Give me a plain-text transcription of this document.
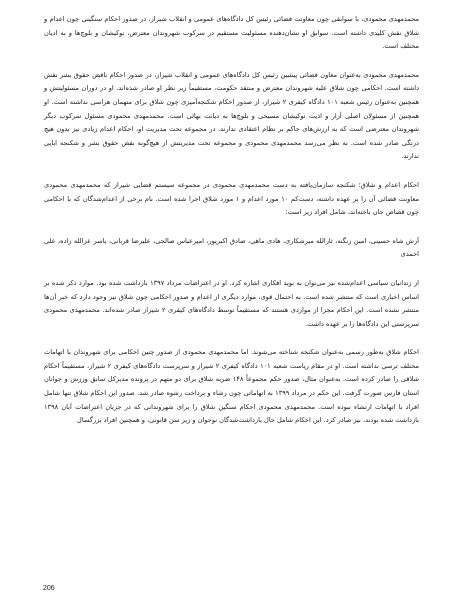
محمدمهدی محمودی، با سوابقی چون معاونت قضائی رئیس کل دادگاه‌های عمومی و انقلاب شیراز، در صدور احکام سنگینی چون اعدام و شلاق نقش کلیدی داشته است. سوابق او نشان‌دهنده مسئولیت مستقیم در سرکوب شهروندان معترض، نوکیشان و بلوچ‌ها و به ادیان مختلف است.

محمدمهدی محمودی به‌عنوان معاون قضائی پیشین رئیس کل دادگاه‌های عمومی و انقلاب شیراز، در صدور احکام ناقض حقوق بشر نقش داشته است. احکامی چون شلاق علیه شهروندان معترض و منتقد حکومت، مستقیماً زیر نظر او صادر شده‌اند. او در دوران مسئولیتش و همچنین به‌عنوان رئیس شعبه ۱۰۱ دادگاه کیفری ۲ شیراز، از صدور احکام شکنجه‌آمیزی چون شلاق برای متهمان هراسی نداشته است. او همچنین از مسئولان اصلی آزار و اذیت نوکیشان مسیحی و بلوچ‌ها به دیانت بهائی است. محمدمهدی محمودی مسئول سرکوب دیگر شهروندان معترضی است که به ارزش‌های حاکم بر نظام اعتقادی ندارند. در مجموعه تحت مدیریت او، احکام اعدام زیادی نیز بدون هیچ درنگی صادر شده است. به نظر می‌رسد محمدمهدی محمودی و مجموعه تحت مدیریتش از هیچ‌گونه نقض حقوق بشر و شکنجه ابایی ندارند.

احکام اعدام و شلاق؛ شکنجه سازمان‌یافته به دست محمدمهدی محمودی در مجموعه سیستم قضایی شیراز که محمدمهدی محمودی معاونت قضائی آن را بر عهده داشته، دست‌کم ۱۰ مورد اعدام و ۱ مورد شلاق اجرا شده است. نام برخی از اعدام‌شدگان که با احکامی چون قصاص جان باخته‌اند، شامل افراد زیر است:

آرش شاه حسینی، امین زنگنه، ثارالله میرشکاری، هادی ماهی، صادق اکبرپور، امیرعباس صالحی، علیرضا قربانی، یاسر عزالله زاده، علی احمدی

از زندانیان سیاسی اعدام‌شده نیز می‌توان به نوید افکاری اشاره کرد. او در اعتراضات مرداد ۱۳۹۷ بازداشت شده بود. موارد ذکر شده بر اساس اخباری است که منتشر شده است. به احتمال قوی، موارد دیگری از اعدام و صدور احکامی چون شلاق نیز وجود دارد که خبر آن‌ها منتشر نشده است. این احکام مجزا از مواردی هستند که مستقیماً توسط دادگاه‌های کیفری ۲ شیراز صادر شده‌اند. محمدمهدی محمودی سرپرستی این دادگاه‌ها را بر عهده داشت.

احکام شلاق به‌طور رسمی به‌عنوان شکنجه شناخته می‌شوند. اما محمدمهدی محمودی از صدور چنین احکامی برای شهروندان با اتهامات مختلف ترسی نداشته است. او در مقام ریاست شعبه ۱۰۱ دادگاه کیفری ۲ شیراز و سرپرست دادگاه‌های کیفری ۲ شیراز، مستقیماً احکام شلاقی را صادر کرده است. به‌عنوان مثال، صدور حکم مجموعاً ۱۴۸ ضربه شلاق برای دو متهم در پرونده مدیرکل سابق ورزش و جوانان استان فارس صورت گرفت. این حکم در مرداد ۱۳۹۹ به اتهاماتی چون رشاء و پرداخت رشوه صادر شد. صدور این احکام شلاق تنها شامل افراد با اتهامات ارتشاء نبوده است. محمدمهدی محمودی احکام سنگین شلاق را برای شهروندانی که در جریان اعتراضات آبان ۱۳۹۸ بازداشت شده بودند، نیز صادر کرد. این احکام شامل حال بازداشت‌شدگان نوجوان و زیر سن قانونی، و همچنین افراد بزرگسال

206
